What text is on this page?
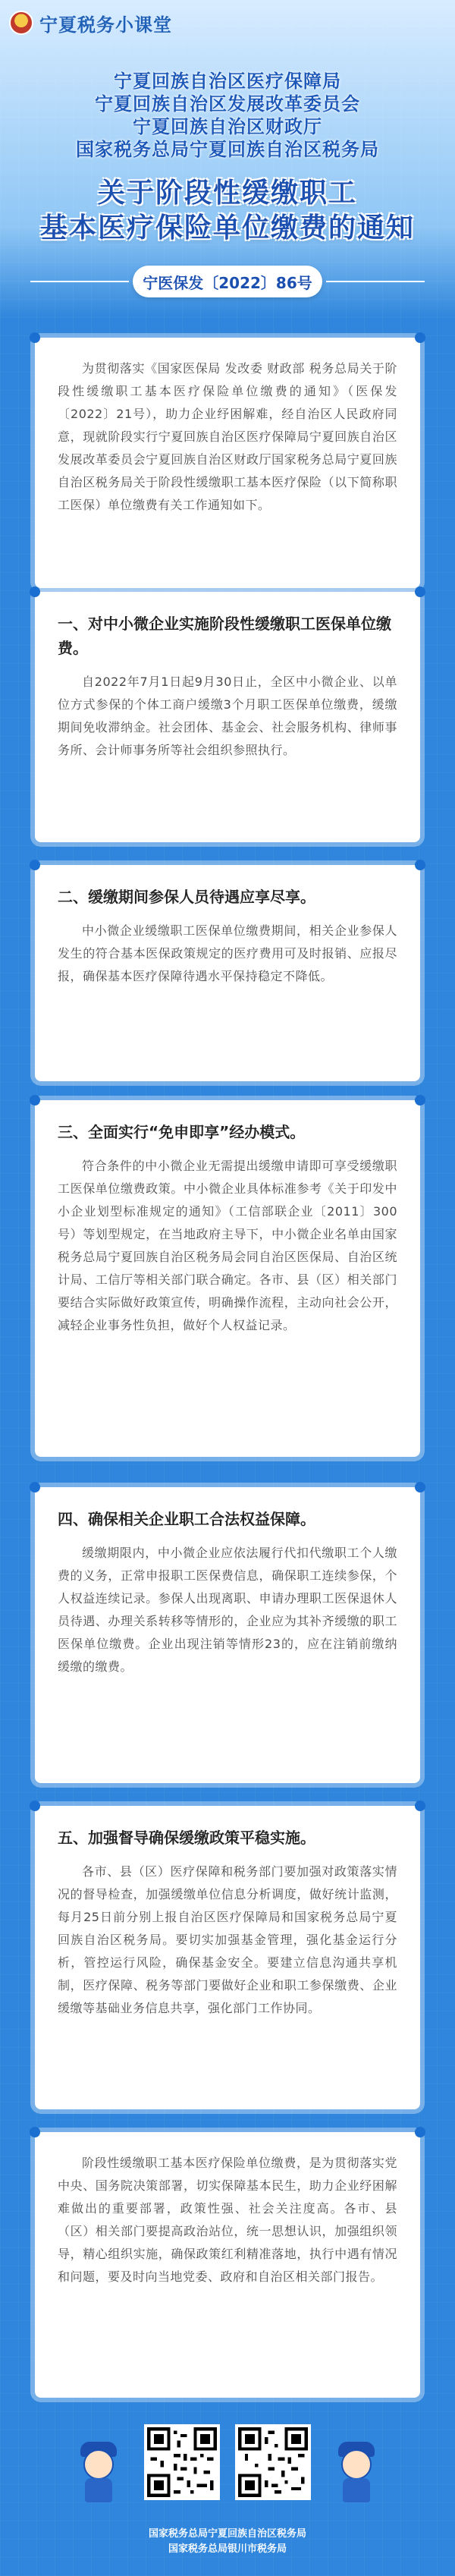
宁夏税务小课堂
宁夏回族自治区医疗保障局
宁夏回族自治区发展改革委员会
宁夏回族自治区财政厅
国家税务总局宁夏回族自治区税务局
关于阶段性缓缴职工
基本医疗保险单位缴费的通知
宁医保发〔2022〕86号

为贯彻落实《国家医保局 发改委 财政部 税务总局关于阶段性缓缴职工基本医疗保险单位缴费的通知》（医保发〔2022〕21号），助力企业纾困解难，经自治区人民政府同意，现就阶段实行宁夏回族自治区医疗保障局宁夏回族自治区发展改革委员会宁夏回族自治区财政厅国家税务总局宁夏回族自治区税务局关于阶段性缓缴职工基本医疗保险（以下简称职工医保）单位缴费有关工作通知如下。

一、对中小微企业实施阶段性缓缴职工医保单位缴费。

自2022年7月1日起9月30日止，全区中小微企业、以单位方式参保的个体工商户缓缴3个月职工医保单位缴费，缓缴期间免收滞纳金。社会团体、基金会、社会服务机构、律师事务所、会计师事务所等社会组织参照执行。

二、缓缴期间参保人员待遇应享尽享。

中小微企业缓缴职工医保单位缴费期间，相关企业参保人发生的符合基本医保政策规定的医疗费用可及时报销、应报尽报，确保基本医疗保障待遇水平保持稳定不降低。

三、全面实行“免申即享”经办模式。

符合条件的中小微企业无需提出缓缴申请即可享受缓缴职工医保单位缴费政策。中小微企业具体标准参考《关于印发中小企业划型标准规定的通知》（工信部联企业〔2011〕300号）等划型规定，在当地政府主导下，中小微企业名单由国家税务总局宁夏回族自治区税务局会同自治区医保局、自治区统计局、工信厅等相关部门联合确定。各市、县（区）相关部门要结合实际做好政策宣传，明确操作流程，主动向社会公开，减轻企业事务性负担，做好个人权益记录。

四、确保相关企业职工合法权益保障。

缓缴期限内，中小微企业应依法履行代扣代缴职工个人缴费的义务，正常申报职工医保费信息，确保职工连续参保，个人权益连续记录。参保人出现离职、申请办理职工医保退休人员待遇、办理关系转移等情形的，企业应为其补齐缓缴的职工医保单位缴费。企业出现注销等情形23的，应在注销前缴纳缓缴的缴费。

五、加强督导确保缓缴政策平稳实施。

各市、县（区）医疗保障和税务部门要加强对政策落实情况的督导检查，加强缓缴单位信息分析调度，做好统计监测，每月25日前分别上报自治区医疗保障局和国家税务总局宁夏回族自治区税务局。要切实加强基金管理，强化基金运行分析，管控运行风险，确保基金安全。要建立信息沟通共享机制，医疗保障、税务等部门要做好企业和职工参保缴费、企业缓缴等基础业务信息共享，强化部门工作协同。

阶段性缓缴职工基本医疗保险单位缴费，是为贯彻落实党中央、国务院决策部署，切实保障基本民生，助力企业纾困解难做出的重要部署，政策性强、社会关注度高。各市、县（区）相关部门要提高政治站位，统一思想认识，加强组织领导，精心组织实施，确保政策红利精准落地，执行中遇有情况和问题，要及时向当地党委、政府和自治区相关部门报告。

国家税务总局宁夏回族自治区税务局
国家税务总局银川市税务局
